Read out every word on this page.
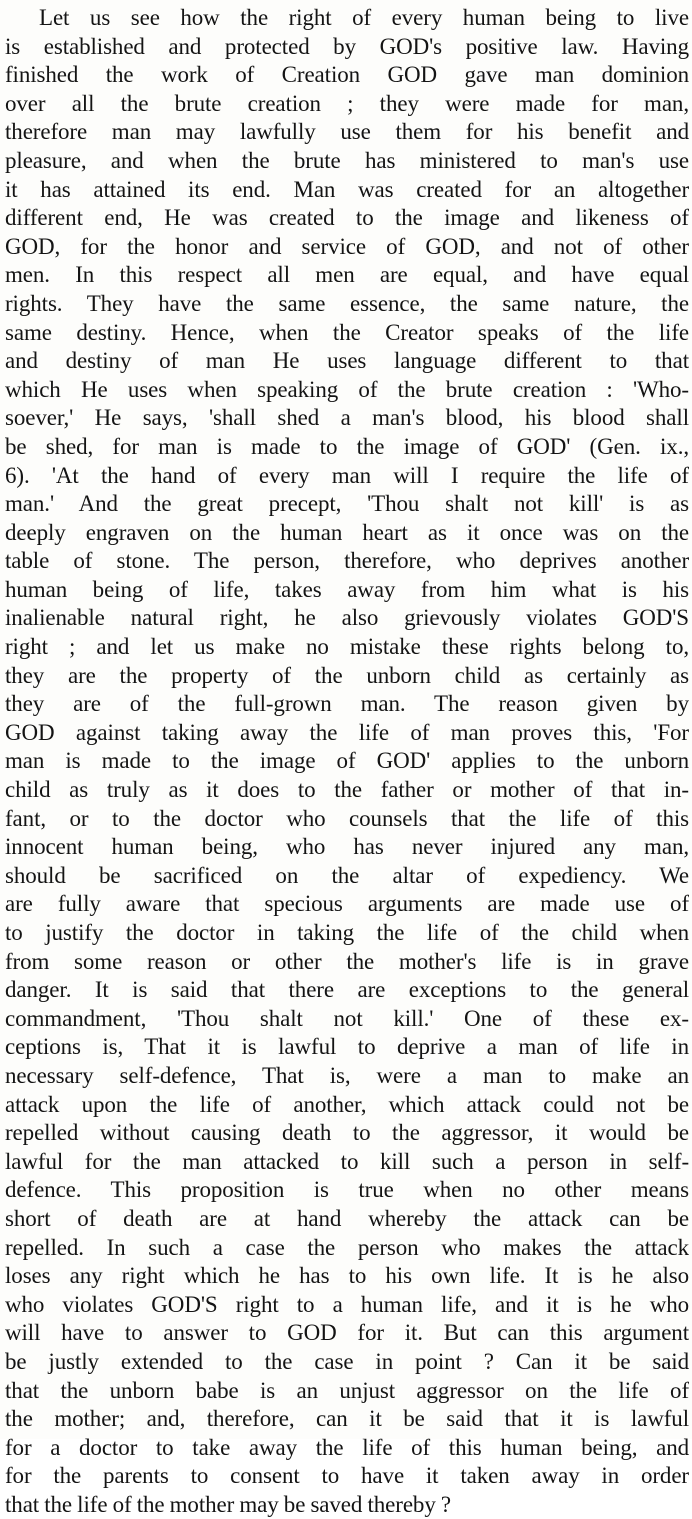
Let us see how the right of every human being to live
is established and protected by GOD's positive law. Having
finished the work of Creation GOD gave man dominion
over all the brute creation ; they were made for man,
therefore man may lawfully use them for his benefit and
pleasure, and when the brute has ministered to man's use
it has attained its end. Man was created for an altogether
different end, He was created to the image and likeness of
GOD, for the honor and service of GOD, and not of other
men. In this respect all men are equal, and have equal
rights. They have the same essence, the same nature, the
same destiny. Hence, when the Creator speaks of the life
and destiny of man He uses language different to that
which He uses when speaking of the brute creation : 'Who-
soever,' He says, 'shall shed a man's blood, his blood shall
be shed, for man is made to the image of GOD' (Gen. ix.,
6). 'At the hand of every man will I require the life of
man.' And the great precept, 'Thou shalt not kill' is as
deeply engraven on the human heart as it once was on the
table of stone. The person, therefore, who deprives another
human being of life, takes away from him what is his
inalienable natural right, he also grievously violates GOD'S
right ; and let us make no mistake these rights belong to,
they are the property of the unborn child as certainly as
they are of the full-grown man. The reason given by
GOD against taking away the life of man proves this, 'For
man is made to the image of GOD' applies to the unborn
child as truly as it does to the father or mother of that in-
fant, or to the doctor who counsels that the life of this
innocent human being, who has never injured any man,
should be sacrificed on the altar of expediency. We
are fully aware that specious arguments are made use of
to justify the doctor in taking the life of the child when
from some reason or other the mother's life is in grave
danger. It is said that there are exceptions to the general
commandment, 'Thou shalt not kill.' One of these ex-
ceptions is, That it is lawful to deprive a man of life in
necessary self-defence, That is, were a man to make an
attack upon the life of another, which attack could not be
repelled without causing death to the aggressor, it would be
lawful for the man attacked to kill such a person in self-
defence. This proposition is true when no other means
short of death are at hand whereby the attack can be
repelled. In such a case the person who makes the attack
loses any right which he has to his own life. It is he also
who violates GOD'S right to a human life, and it is he who
will have to answer to GOD for it. But can this argument
be justly extended to the case in point ? Can it be said
that the unborn babe is an unjust aggressor on the life of
the mother; and, therefore, can it be said that it is lawful
for a doctor to take away the life of this human being, and
for the parents to consent to have it taken away in order
that the life of the mother may be saved thereby ?
